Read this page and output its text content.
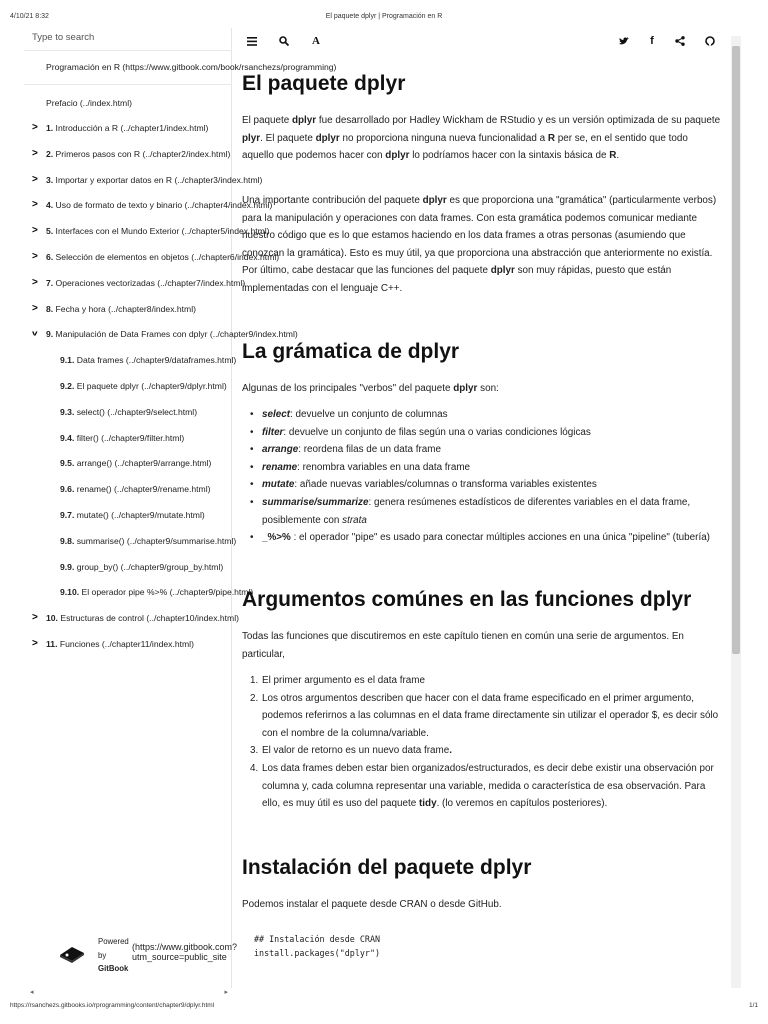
4/10/21 8:32	El paquete dplyr | Programación en R
Type to search
Programación en R (https://www.gitbook.com/book/rsanchezs/programming)
Prefacio (../index.html)
> 1. Introducción a R (../chapter1/index.html)
> 2. Primeros pasos con R (../chapter2/index.html)
> 3. Importar y exportar datos en R (../chapter3/index.html)
> 4. Uso de formato de texto y binario (../chapter4/index.html)
> 5. Interfaces con el Mundo Exterior (../chapter5/index.html)
> 6. Selección de elementos en objetos (../chapter6/index.html)
> 7. Operaciones vectorizadas (../chapter7/index.html)
> 8. Fecha y hora (../chapter8/index.html)
v 9. Manipulación de Data Frames con dplyr (../chapter9/index.html)
9.1. Data frames (../chapter9/dataframes.html)
9.2. El paquete dplyr (../chapter9/dplyr.html)
9.3. select() (../chapter9/select.html)
9.4. filter() (../chapter9/filter.html)
9.5. arrange() (../chapter9/arrange.html)
9.6. rename() (../chapter9/rename.html)
9.7. mutate() (../chapter9/mutate.html)
9.8. summarise() (../chapter9/summarise.html)
9.9. group_by() (../chapter9/group_by.html)
9.10. El operador pipe %>% (../chapter9/pipe.html)
> 10. Estructuras de control (../chapter10/index.html)
> 11. Funciones (../chapter11/index.html)
Powered
by
GitBook
(https://www.gitbook.com?
utm_source=public_site
◂	▸
A	f
El paquete dplyr

El paquete dplyr fue desarrollado por Hadley Wickham de RStudio y es un versión optimizada de su paquete plyr. El paquete dplyr no proporciona ninguna nueva funcionalidad a R per se, en el sentido que todo aquello que podemos hacer con dplyr lo podríamos hacer con la sintaxis básica de R.

Una importante contribución del paquete dplyr es que proporciona una "gramática" (particularmente verbos) para la manipulación y operaciones con data frames. Con esta gramática podemos comunicar mediante nuestro código que es lo que estamos haciendo en los data frames a otras personas (asumiendo que conozcan la gramática). Esto es muy útil, ya que proporciona una abstracción que anteriormente no existía. Por último, cabe destacar que las funciones del paquete dplyr son muy rápidas, puesto que están implementadas con el lenguaje C++.

La grámatica de dplyr

Algunas de los principales "verbos" del paquete dplyr son:

• select: devuelve un conjunto de columnas
• filter: devuelve un conjunto de filas según una o varias condiciones lógicas
• arrange: reordena filas de un data frame
• rename: renombra variables en una data frame
• mutate: añade nuevas variables/columnas o transforma variables existentes
• summarise/summarize: genera resúmenes estadísticos de diferentes variables en el data frame, posiblemente con strata
• _%>% : el operador "pipe" es usado para conectar múltiples acciones en una única "pipeline" (tubería)
Argumentos comúnes en las funciones dplyr

Todas las funciones que discutiremos en este capítulo tienen en común una serie de argumentos. En particular,

1. El primer argumento es el data frame
2. Los otros argumentos describen que hacer con el data frame especificado en el primer argumento, podemos referirnos a las columnas en el data frame directamente sin utilizar el operador $, es decir sólo con el nombre de la columna/variable.
3. El valor de retorno es un nuevo data frame.
4. Los data frames deben estar bien organizados/estructurados, es decir debe existir una observación por columna y, cada columna representar una variable, medida o característica de esa observación. Para ello, es muy útil es uso del paquete tidy. (lo veremos en capítulos posteriores).
Instalación del paquete dplyr

Podemos instalar el paquete desde CRAN o desde GitHub.

## Instalación desde CRAN
install.packages("dplyr")
https://rsanchezs.gitbooks.io/rprogramming/content/chapter9/dplyr.html	1/1
